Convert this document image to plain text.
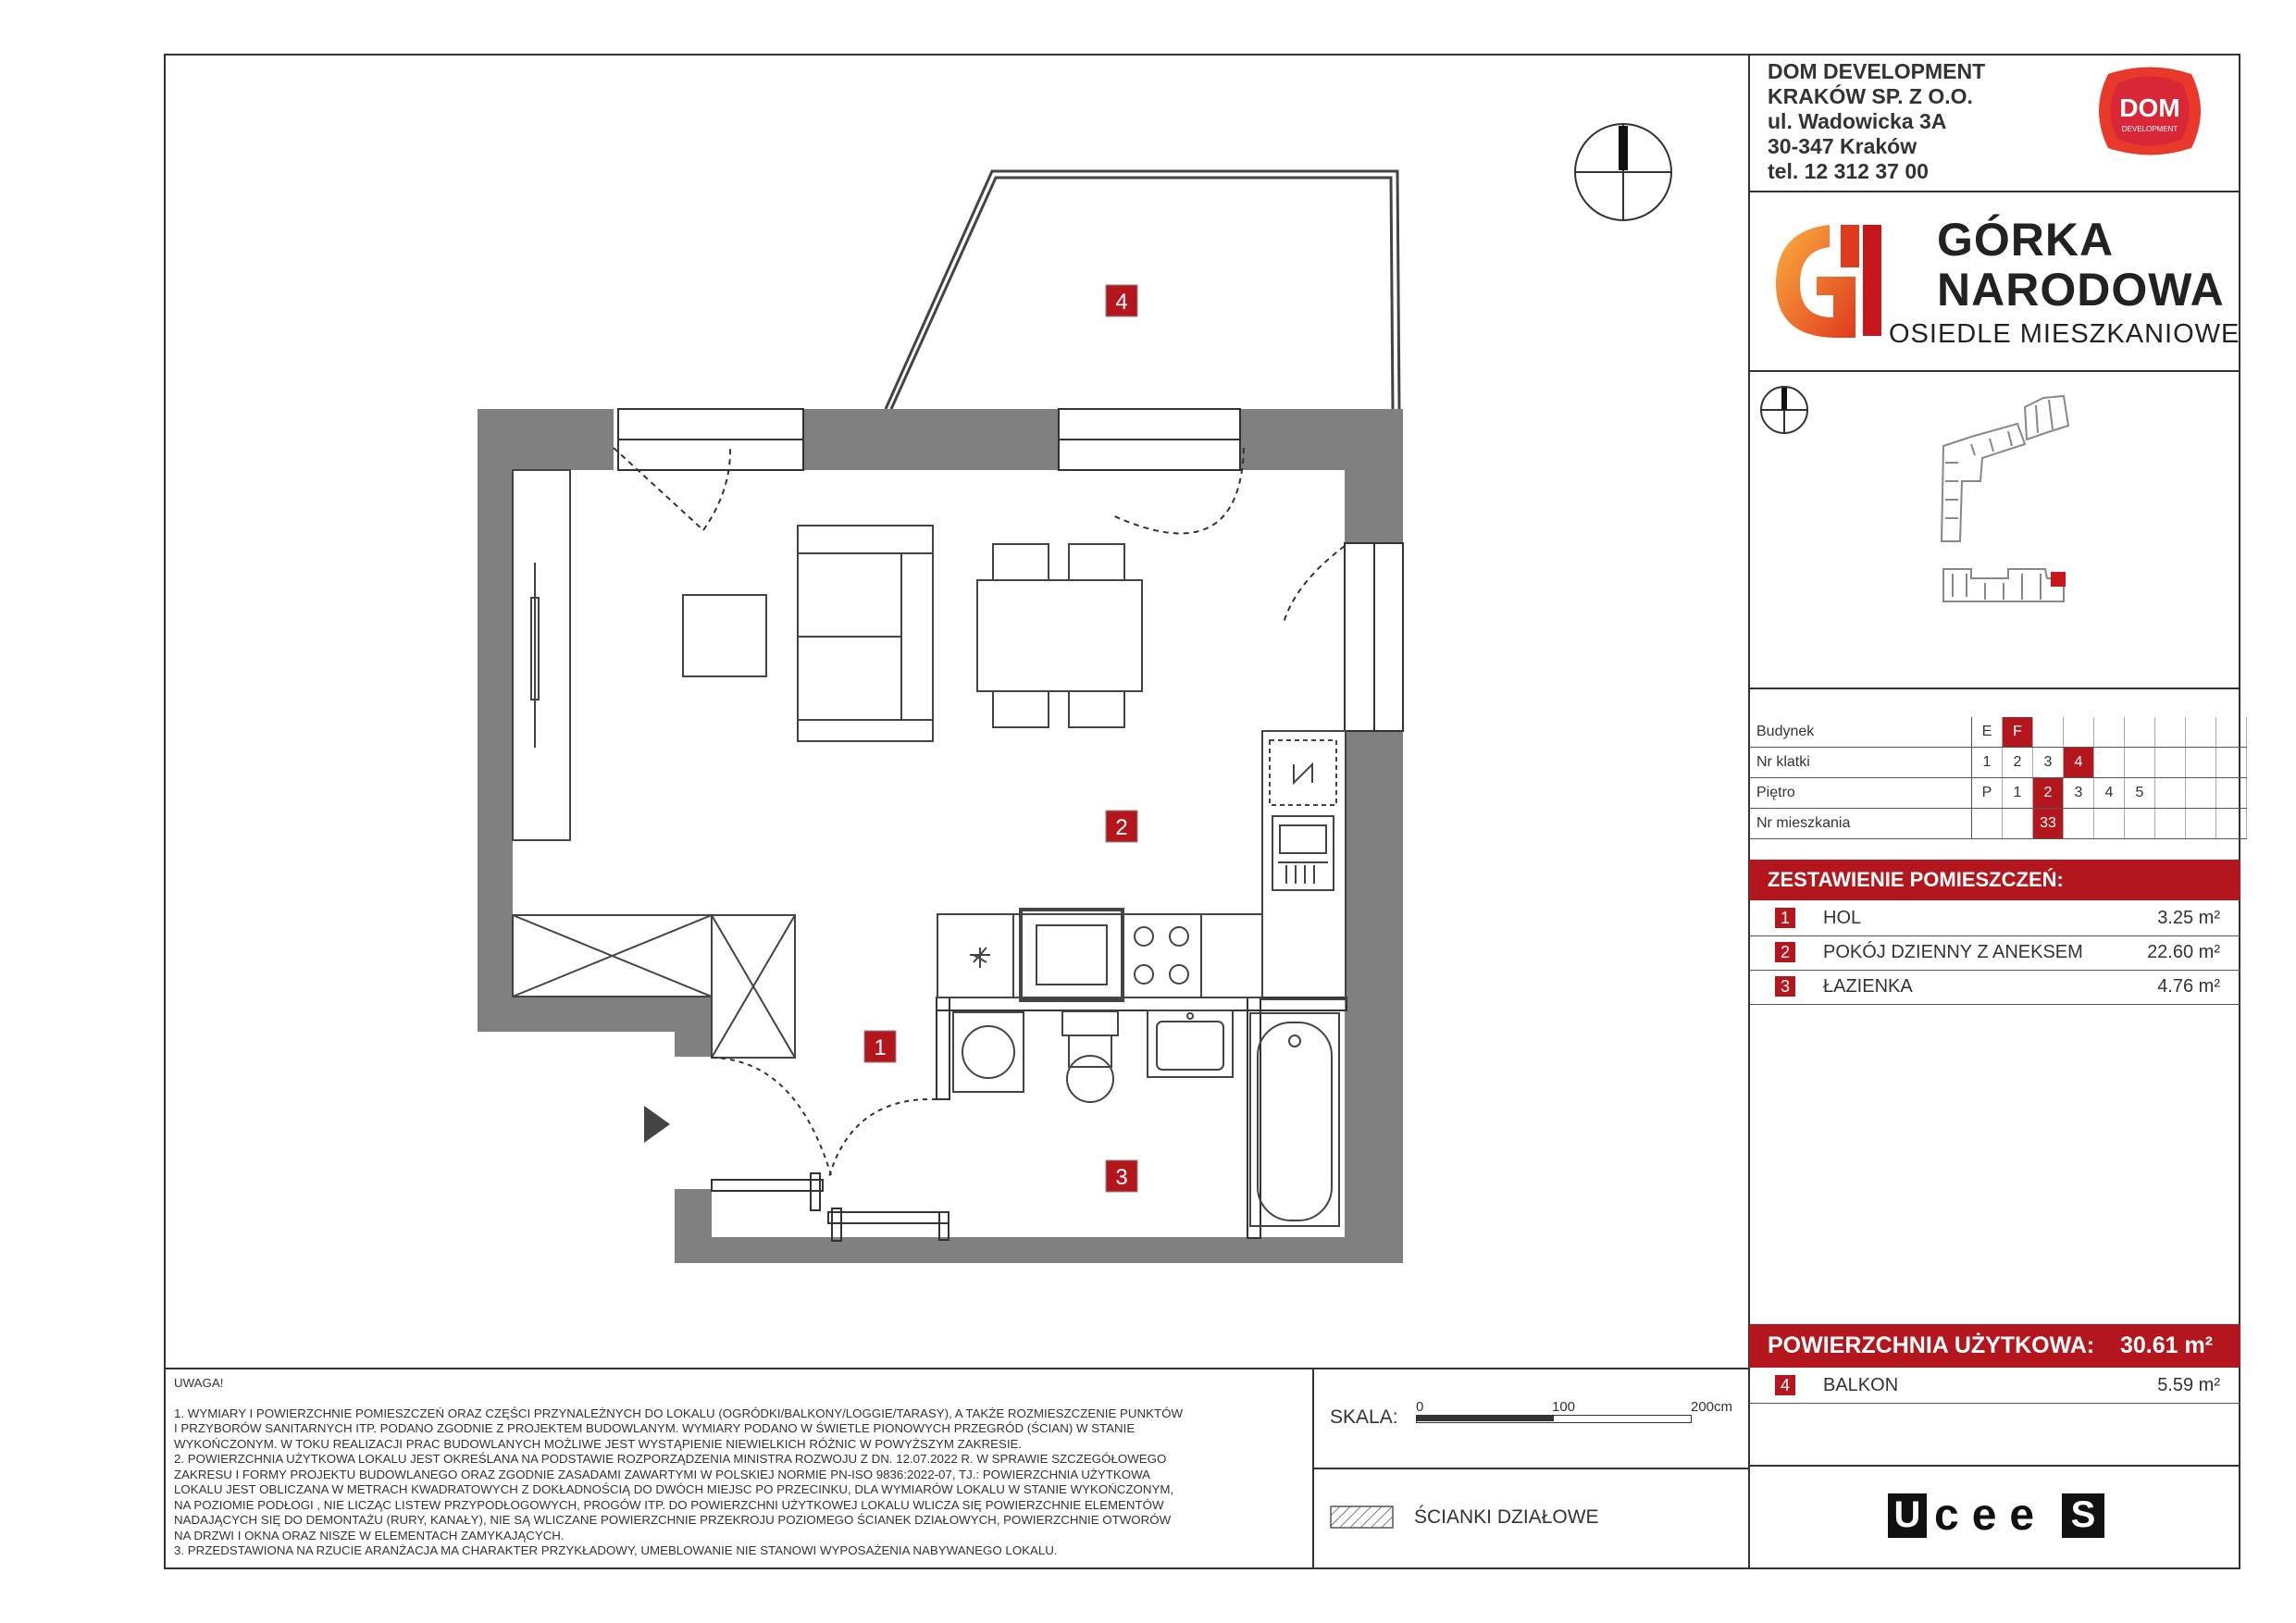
DOM DEVELOPMENT
KRAKÓW SP. Z O.O.
ul. Wadowicka 3A
30-347 Kraków
tel. 12 312 37 00
DOM
DEVELOPMENT
GÓRKA
NARODOWA
OSIEDLE MIESZKANIOWE
Budynek	E	F							
Nr klatki	1	2	3	4					
Piętro	P	1	2	3	4	5			
Nr mieszkania			33						
ZESTAWIENIE POMIESZCZEŃ:
1	HOL	3.25 m²
2	POKÓJ DZIENNY Z ANEKSEM	22.60 m²
3	ŁAZIENKA	4.76 m²
POWIERZCHNIA UŻYTKOWA: 30.61 m²
4	BALKON	5.59 m²
U cee S

UWAGA!

1. WYMIARY I POWIERZCHNIE POMIESZCZEŃ ORAZ CZĘŚCI PRZYNALEŻNYCH DO LOKALU (OGRÓDKI/BALKONY/LOGGIE/TARASY), A TAKŻE ROZMIESZCZENIE PUNKTÓW

I PRZYBORÓW SANITARNYCH ITP. PODANO ZGODNIE Z PROJEKTEM BUDOWLANYM. WYMIARY PODANO W ŚWIETLE PIONOWYCH PRZEGRÓD (ŚCIAN) W STANIE

WYKOŃCZONYM. W TOKU REALIZACJI PRAC BUDOWLANYCH MOŻLIWE JEST WYSTĄPIENIE NIEWIELKICH RÓŻNIC W POWYŻSZYM ZAKRESIE.

2. POWIERZCHNIA UŻYTKOWA LOKALU JEST OKREŚLANA NA PODSTAWIE ROZPORZĄDZENIA MINISTRA ROZWOJU Z DN. 12.07.2022 R. W SPRAWIE SZCZEGÓŁOWEGO

ZAKRESU I FORMY PROJEKTU BUDOWLANEGO ORAZ ZGODNIE ZASADAMI ZAWARTYMI W POLSKIEJ NORMIE PN-ISO 9836:2022-07, TJ.: POWIERZCHNIA UŻYTKOWA

LOKALU JEST OBLICZANA W METRACH KWADRATOWYCH Z DOKŁADNOŚCIĄ DO DWÓCH MIEJSC PO PRZECINKU, DLA WYMIARÓW LOKALU W STANIE WYKOŃCZONYM,

NA POZIOMIE PODŁOGI , NIE LICZĄC LISTEW PRZYPODŁOGOWYCH, PROGÓW ITP. DO POWIERZCHNI UŻYTKOWEJ LOKALU WLICZA SIĘ POWIERZCHNIE ELEMENTÓW

NADAJĄCYCH SIĘ DO DEMONTAŻU (RURY, KANAŁY), NIE SĄ WLICZANE POWIERZCHNIE PRZEKROJU POZIOMEGO ŚCIANEK DZIAŁOWYCH, POWIERZCHNIE OTWORÓW

NA DRZWI I OKNA ORAZ NISZE W ELEMENTACH ZAMYKAJĄCYCH.

3. PRZEDSTAWIONA NA RZUCIE ARANŻACJA MA CHARAKTER PRZYKŁADOWY, UMEBLOWANIE NIE STANOWI WYPOSAŻENIA NABYWANEGO LOKALU.

SKALA: 0	100	200cm
ŚCIANKI DZIAŁOWE
4
2
1
3
